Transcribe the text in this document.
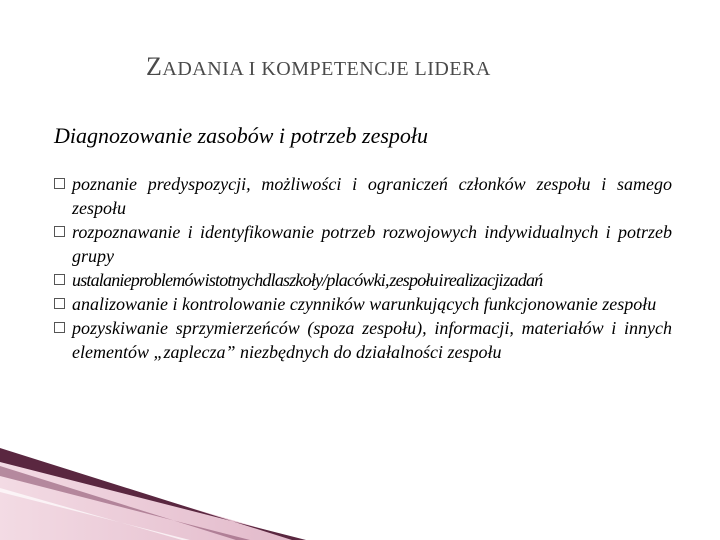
ZADANIA I KOMPETENCJE LIDERA
Diagnozowanie zasobów i potrzeb zespołu
poznanie predyspozycji, możliwości i ograniczeń członków zespołu i samego zespołu
rozpoznawanie i identyfikowanie potrzeb rozwojowych indywidualnych i potrzeb grupy
ustalanieproblemów istotnychdlaszkoły/placówki, zespołu i realizacji zadań
analizowanie i kontrolowanie czynników warunkujących funkcjonowanie zespołu
pozyskiwanie sprzymierzeńców (spoza zespołu), informacji, materiałów i innych elementów „zaplecza” niezbędnych do działalności zespołu
